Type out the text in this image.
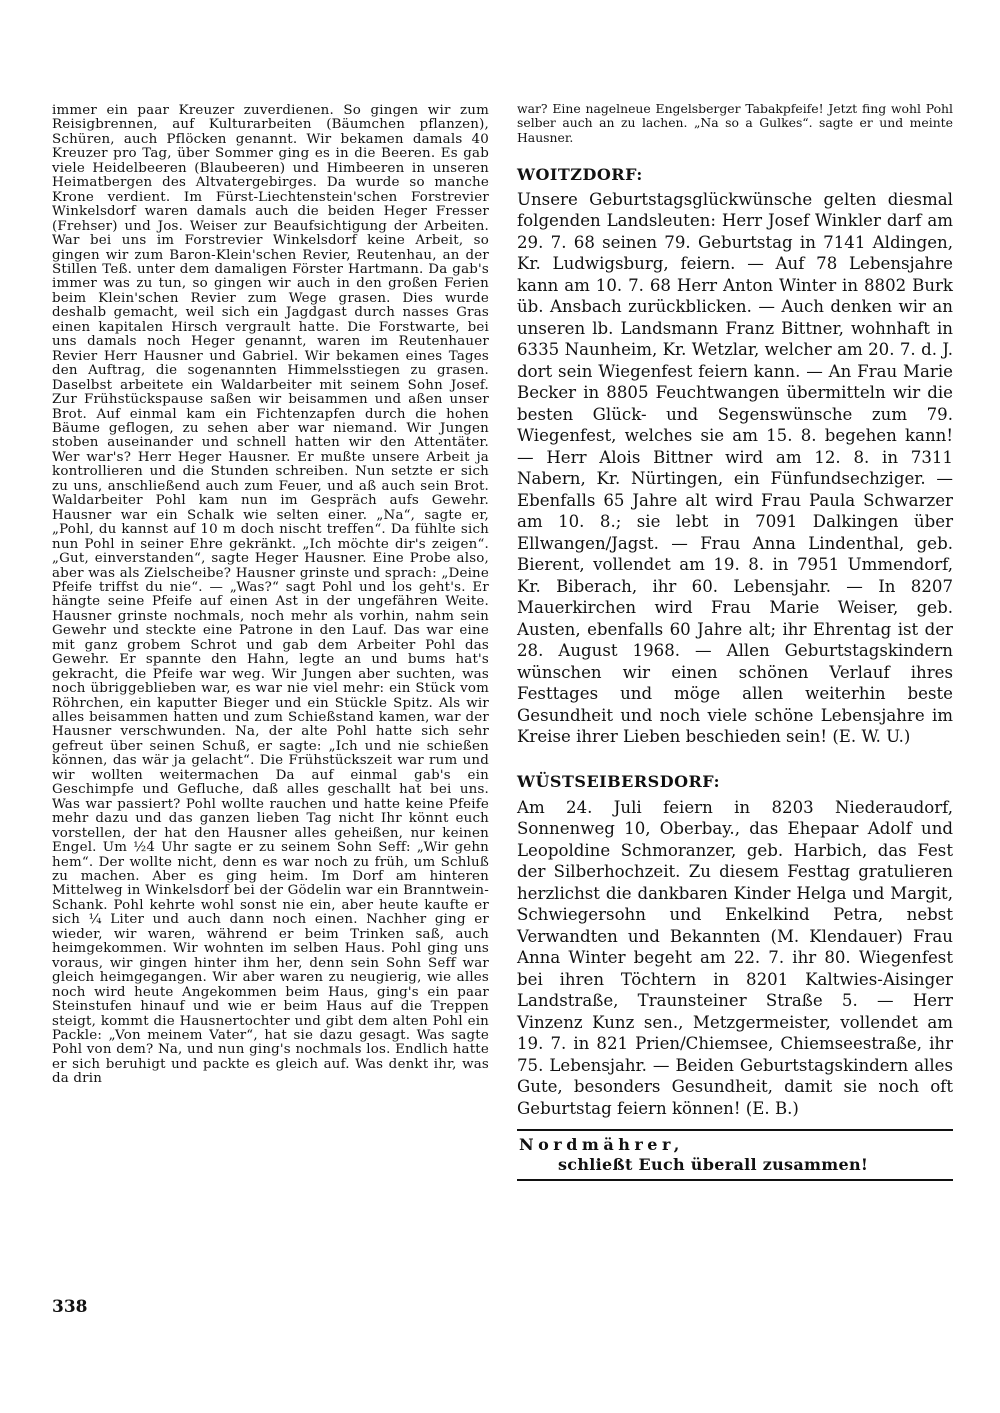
immer ein paar Kreuzer zuverdienen. So gingen wir zum Reisigbrennen, auf Kulturarbeiten (Bäumchen pflanzen), Schüren, auch Pflöcken genannt. Wir bekamen damals 40 Kreuzer pro Tag, über Sommer ging es in die Beeren. Es gab viele Heidelbeeren (Blaubeeren) und Himbeeren in unseren Heimatbergen des Altvatergebirges. Da wurde so manche Krone verdient. Im Fürst-Liechtenstein'schen Forstrevier Winkelsdorf waren damals auch die beiden Heger Fresser (Frehser) und Jos. Weiser zur Beaufsichtigung der Arbeiten. War bei uns im Forstrevier Winkelsdorf keine Arbeit, so gingen wir zum Baron-Klein'schen Revier, Reutenhau, an der Stillen Teß. unter dem damaligen Förster Hartmann. Da gab's immer was zu tun, so gingen wir auch in den großen Ferien beim Klein'schen Revier zum Wege grasen. Dies wurde deshalb gemacht, weil sich ein Jagdgast durch nasses Gras einen kapitalen Hirsch vergrault hatte. Die Forstwarte, bei uns damals noch Heger genannt, waren im Reutenhauer Revier Herr Hausner und Gabriel. Wir bekamen eines Tages den Auftrag, die sogenannten Himmelsstiegen zu grasen. Daselbst arbeitete ein Waldarbeiter mit seinem Sohn Josef. Zur Frühstückspause saßen wir beisammen und aßen unser Brot. Auf einmal kam ein Fichtenzapfen durch die hohen Bäume geflogen, zu sehen aber war niemand. Wir Jungen stoben auseinander und schnell hatten wir den Attentäter. Wer war's? Herr Heger Hausner. Er mußte unsere Arbeit ja kontrollieren und die Stunden schreiben. Nun setzte er sich zu uns, anschließend auch zum Feuer, und aß auch sein Brot. Waldarbeiter Pohl kam nun im Gespräch aufs Gewehr. Hausner war ein Schalk wie selten einer. „Na“, sagte er, „Pohl, du kannst auf 10 m doch nischt treffen“. Da fühlte sich nun Pohl in seiner Ehre gekränkt. „Ich möchte dir's zeigen“. „Gut, einverstanden“, sagte Heger Hausner. Eine Probe also, aber was als Zielscheibe? Hausner grinste und sprach: „Deine Pfeife triffst du nie“. — „Was?“ sagt Pohl und los geht's. Er hängte seine Pfeife auf einen Ast in der ungefähren Weite. Hausner grinste nochmals, noch mehr als vorhin, nahm sein Gewehr und steckte eine Patrone in den Lauf. Das war eine mit ganz grobem Schrot und gab dem Arbeiter Pohl das Gewehr. Er spannte den Hahn, legte an und bums hat's gekracht, die Pfeife war weg. Wir Jungen aber suchten, was noch übriggeblieben war, es war nie viel mehr: ein Stück vom Röhrchen, ein kaputter Bieger und ein Stückle Spitz. Als wir alles beisammen hatten und zum Schießstand kamen, war der Hausner verschwunden. Na, der alte Pohl hatte sich sehr gefreut über seinen Schuß, er sagte: „Ich und nie schießen können, das wär ja gelacht“. Die Frühstückszeit war rum und wir wollten weitermachen Da auf einmal gab's ein Geschimpfe und Gefluche, daß alles geschallt hat bei uns. Was war passiert? Pohl wollte rauchen und hatte keine Pfeife mehr dazu und das ganzen lieben Tag nicht Ihr könnt euch vorstellen, der hat den Hausner alles geheißen, nur keinen Engel. Um ½4 Uhr sagte er zu seinem Sohn Seff: „Wir gehn hem“. Der wollte nicht, denn es war noch zu früh, um Schluß zu machen. Aber es ging heim. Im Dorf am hinteren Mittelweg in Winkelsdorf bei der Gödelin war ein Branntwein-Schank. Pohl kehrte wohl sonst nie ein, aber heute kaufte er sich ¼ Liter und auch dann noch einen. Nachher ging er wieder, wir waren, während er beim Trinken saß, auch heimgekommen. Wir wohnten im selben Haus. Pohl ging uns voraus, wir gingen hinter ihm her, denn sein Sohn Seff war gleich heimgegangen. Wir aber waren zu neugierig, wie alles noch wird heute Angekommen beim Haus, ging's ein paar Steinstufen hinauf und wie er beim Haus auf die Treppen steigt, kommt die Hausnertochter und gibt dem alten Pohl ein Packle: „Von meinem Vater“, hat sie dazu gesagt. Was sagte Pohl von dem? Na, und nun ging's nochmals los. Endlich hatte er sich beruhigt und packte es gleich auf. Was denkt ihr, was da drin

war? Eine nagelneue Engelsberger Tabakpfeife! Jetzt fing wohl Pohl selber auch an zu lachen. „Na so a Gulkes“. sagte er und meinte Hausner.

WOITZDORF:

Unsere Geburtstagsglückwünsche gelten diesmal folgenden Landsleuten: Herr Josef Winkler darf am 29. 7. 68 seinen 79. Geburtstag in 7141 Aldingen, Kr. Ludwigsburg, feiern. — Auf 78 Lebensjahre kann am 10. 7. 68 Herr Anton Winter in 8802 Burk üb. Ansbach zurückblicken. — Auch denken wir an unseren lb. Landsmann Franz Bittner, wohnhaft in 6335 Naunheim, Kr. Wetzlar, welcher am 20. 7. d. J. dort sein Wiegenfest feiern kann. — An Frau Marie Becker in 8805 Feuchtwangen übermitteln wir die besten Glück- und Segenswünsche zum 79. Wiegenfest, welches sie am 15. 8. begehen kann! — Herr Alois Bittner wird am 12. 8. in 7311 Nabern, Kr. Nürtingen, ein Fünfundsechziger. — Ebenfalls 65 Jahre alt wird Frau Paula Schwarzer am 10. 8.; sie lebt in 7091 Dalkingen über Ellwangen/Jagst. — Frau Anna Lindenthal, geb. Bierent, vollendet am 19. 8. in 7951 Ummendorf, Kr. Biberach, ihr 60. Lebensjahr. — In 8207 Mauerkirchen wird Frau Marie Weiser, geb. Austen, ebenfalls 60 Jahre alt; ihr Ehrentag ist der 28. August 1968. — Allen Geburtstagskindern wünschen wir einen schönen Verlauf ihres Festtages und möge allen weiterhin beste Gesundheit und noch viele schöne Lebensjahre im Kreise ihrer Lieben beschieden sein! (E. W. U.)

WÜSTSEIBERSDORF:

Am 24. Juli feiern in 8203 Niederaudorf, Sonnenweg 10, Oberbay., das Ehepaar Adolf und Leopoldine Schmoranzer, geb. Harbich, das Fest der Silberhochzeit. Zu diesem Festtag gratulieren herzlichst die dankbaren Kinder Helga und Margit, Schwiegersohn und Enkelkind Petra, nebst Verwandten und Bekannten (M. Klendauer) Frau Anna Winter begeht am 22. 7. ihr 80. Wiegenfest bei ihren Töchtern in 8201 Kaltwies-Aisinger Landstraße, Traunsteiner Straße 5. — Herr Vinzenz Kunz sen., Metzgermeister, vollendet am 19. 7. in 821 Prien/Chiemsee, Chiemseestraße, ihr 75. Lebensjahr. — Beiden Geburtstagskindern alles Gute, besonders Gesundheit, damit sie noch oft Geburtstag feiern können! (E. B.)

Nordmährer,
schließt Euch überall zusammen!
338
